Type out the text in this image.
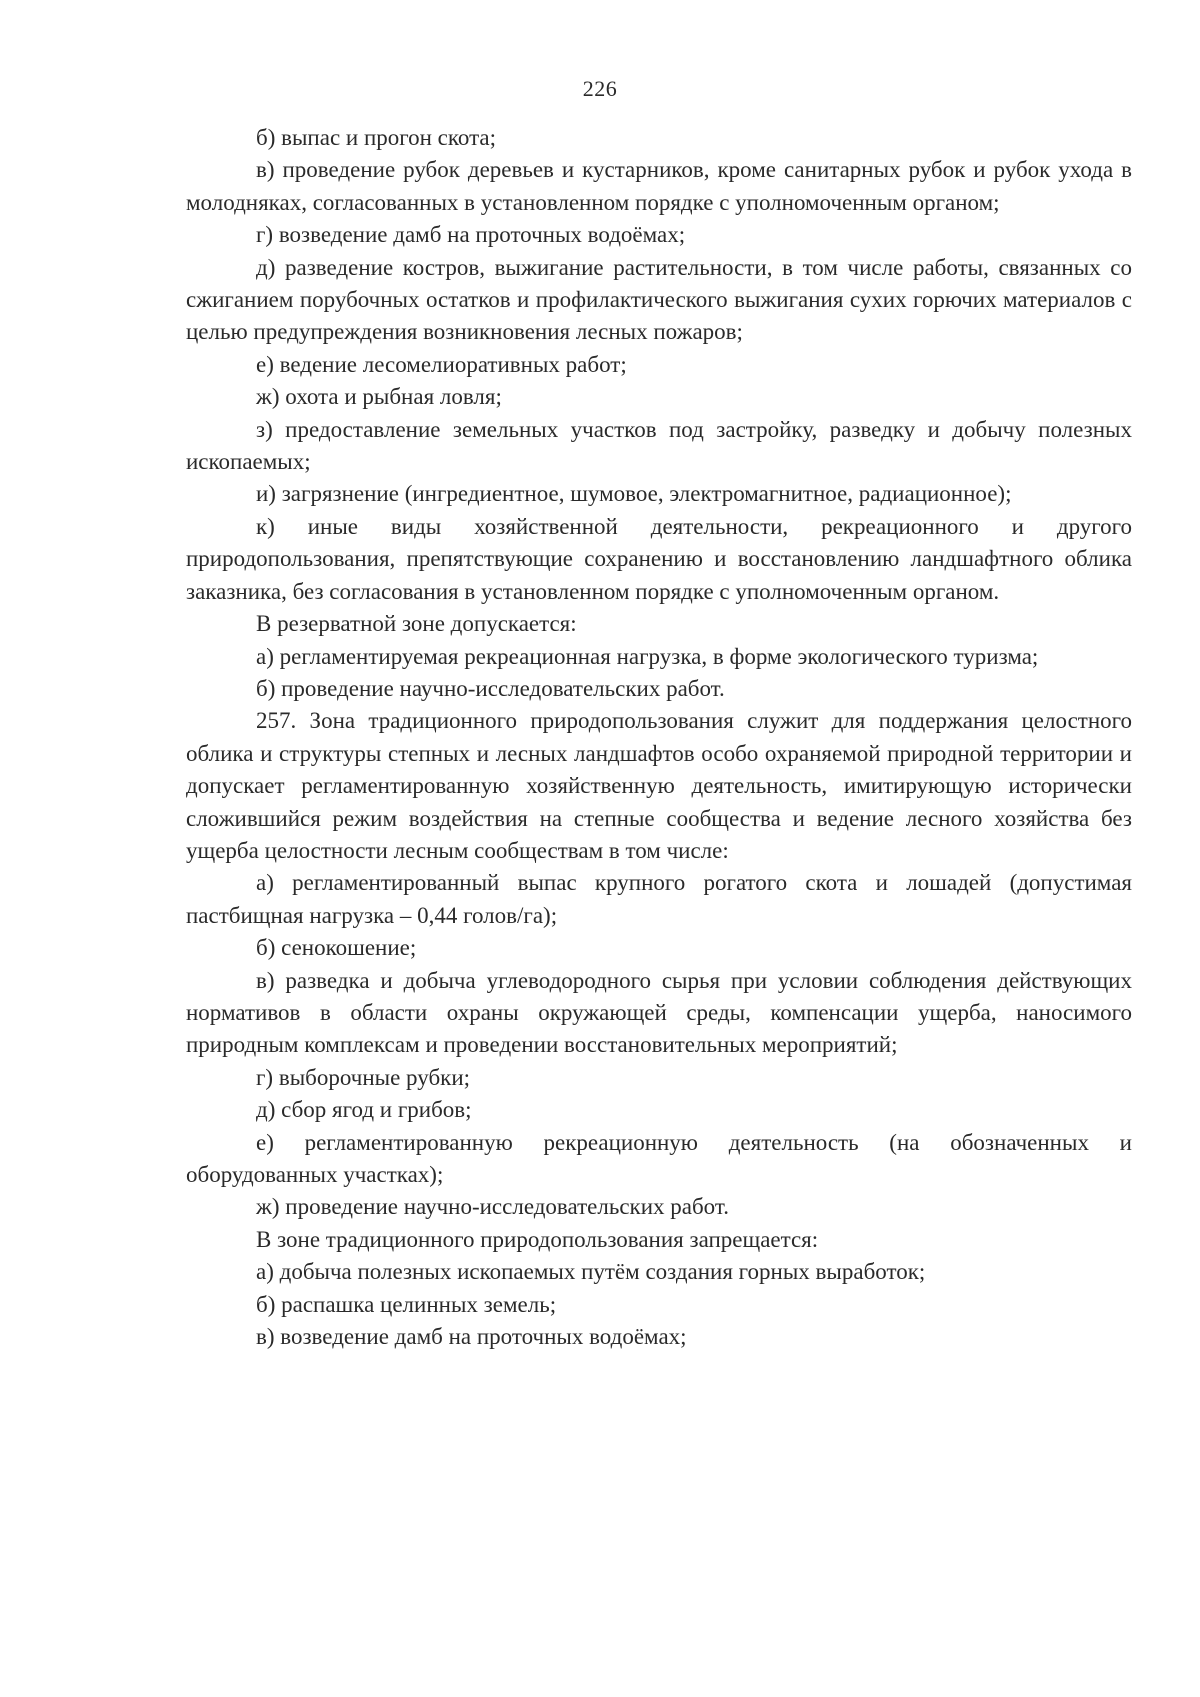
226

б) выпас и прогон скота;

в) проведение рубок деревьев и кустарников, кроме санитарных рубок и рубок ухода в молодняках, согласованных в установленном порядке с уполномоченным органом;

г) возведение дамб на проточных водоёмах;

д) разведение костров, выжигание растительности, в том числе работы, связанных со сжиганием порубочных остатков и профилактического выжигания сухих горючих материалов с целью предупреждения возникновения лесных пожаров;

е) ведение лесомелиоративных работ;

ж) охота и рыбная ловля;

з) предоставление земельных участков под застройку, разведку и добычу полезных ископаемых;

и) загрязнение (ингредиентное, шумовое, электромагнитное, радиационное);

к) иные виды хозяйственной деятельности, рекреационного и другого природопользования, препятствующие сохранению и восстановлению ландшафтного облика заказника, без согласования в установленном порядке с уполномоченным органом.

В резерватной зоне допускается:

а) регламентируемая рекреационная нагрузка, в форме экологического туризма;

б) проведение научно-исследовательских работ.

257. Зона традиционного природопользования служит для поддержания целостного облика и структуры степных и лесных ландшафтов особо охраняемой природной территории и допускает регламентированную хозяйственную деятельность, имитирующую исторически сложившийся режим воздействия на степные сообщества и ведение лесного хозяйства без ущерба целостности лесным сообществам в том числе:

а) регламентированный выпас крупного рогатого скота и лошадей (допустимая пастбищная нагрузка – 0,44 голов/га);

б) сенокошение;

в) разведка и добыча углеводородного сырья при условии соблюдения действующих нормативов в области охраны окружающей среды, компенсации ущерба, наносимого природным комплексам и проведении восстановительных мероприятий;

г) выборочные рубки;

д) сбор ягод и грибов;

е) регламентированную рекреационную деятельность (на обозначенных и оборудованных участках);

ж) проведение научно-исследовательских работ.

В зоне традиционного природопользования запрещается:

а) добыча полезных ископаемых путём создания горных выработок;

б) распашка целинных земель;

в) возведение дамб на проточных водоёмах;
